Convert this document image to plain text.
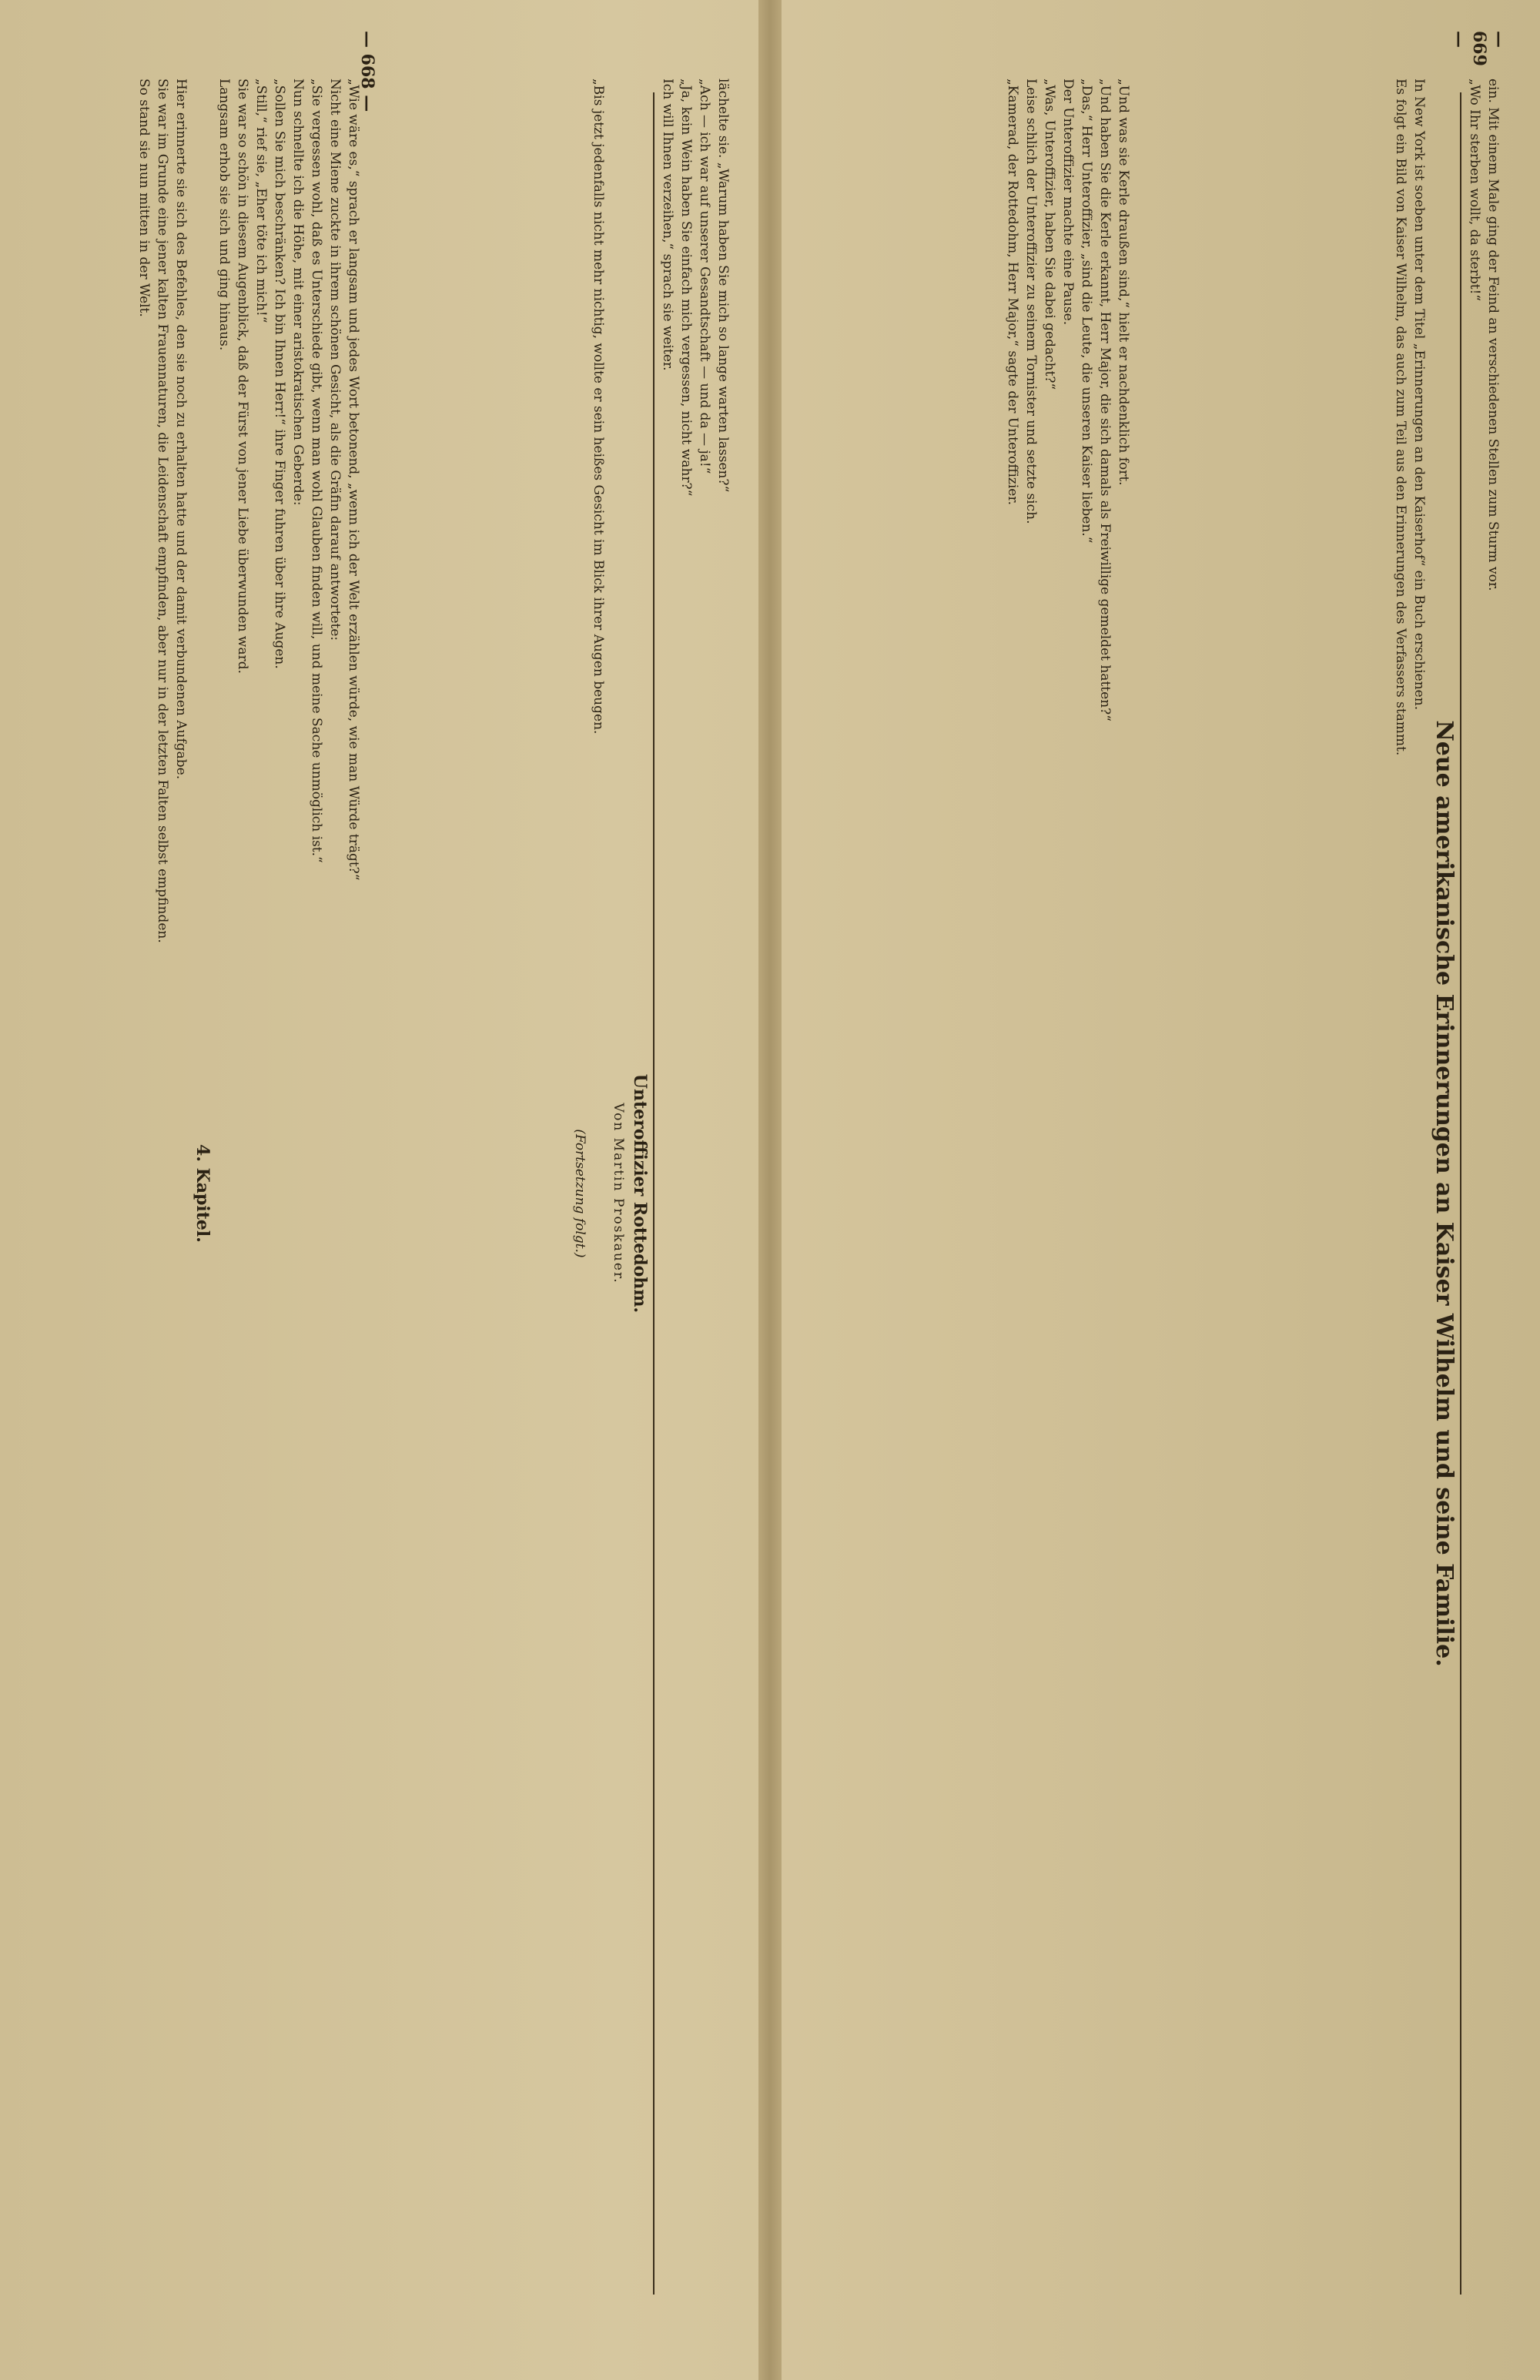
— 668 —

„Wie wäre es,“ sprach er langsam und jedes Wort betonend, „wenn ich der Welt erzählen würde, wie man Würde trägt?“

Nicht eine Miene zuckte in ihrem schönen Gesicht, als die Gräfin darauf antwortete:

„Sie vergessen wohl, daß es Unterschiede gibt, wenn man wohl Glauben finden will, und meine Sache unmöglich ist.“

Nun schnellte ich die Höhe, mit einer aristokratischen Geberde:

„Sollen Sie mich beschränken? Ich bin Ihnen Herr!“ ihre Finger fuhren über ihre Augen.

„Still,“ rief sie, „Eher töte ich mich!“

Sie war so schön in diesem Augenblick, daß der Fürst von jener Liebe überwunden ward.

Langsam erhob sie sich und ging hinaus.

4. Kapitel.

Hier erinnerte sie sich des Befehles, den sie noch zu erhalten hatte und der damit verbundenen Aufgabe.

Sie war im Grunde eine jener kalten Frauennaturen, die Leidenschaft empfinden, aber nur in der letzten Falten selbst empfinden.

So stand sie nun mitten in der Welt.	lächelte sie. „Warum haben Sie mich so lange warten lassen?“

„Ach — ich war auf unserer Gesandtschaft — und da — ja!“

„Ja, kein Wein haben Sie einfach mich vergessen, nicht wahr?“

Ich will Ihnen verzeihen,“ sprach sie weiter.

Unteroffizier Rottedohm.
Von Martin Proskauer.

„Bis jetzt jedenfalls nicht mehr nichtig, wollte er sein heißes Gesicht im Blick ihrer Augen beugen.

(Fortsetzung folgt.)
— 669 —

„Und was sie Kerle draußen sind,“ hielt er nachdenklich fort.

„Und haben Sie die Kerle erkannt, Herr Major, die sich damals als Freiwillige gemeldet hatten?“

„Das,“ Herr Unteroffizier, „sind die Leute, die unseren Kaiser lieben.“

Der Unteroffizier machte eine Pause.

„Was, Unteroffizier, haben Sie dabei gedacht?“

Leise schlich der Unteroffizier zu seinem Tornister und setzte sich.

„Kamerad, der Rottedohm, Herr Major,“ sagte der Unteroffizier.	ein. Mit einem Male ging der Feind an verschiedenen Stellen zum Sturm vor.

„Wo Ihr sterben wollt, da sterbt!“

Neue amerikanische Erinnerungen an Kaiser Wilhelm und seine Familie.

In New York ist soeben unter dem Titel „Erinnerungen an den Kaiserhof“ ein Buch erschienen.

Es folgt ein Bild von Kaiser Wilhelm, das auch zum Teil aus den Erinnerungen des Verfassers stammt.
